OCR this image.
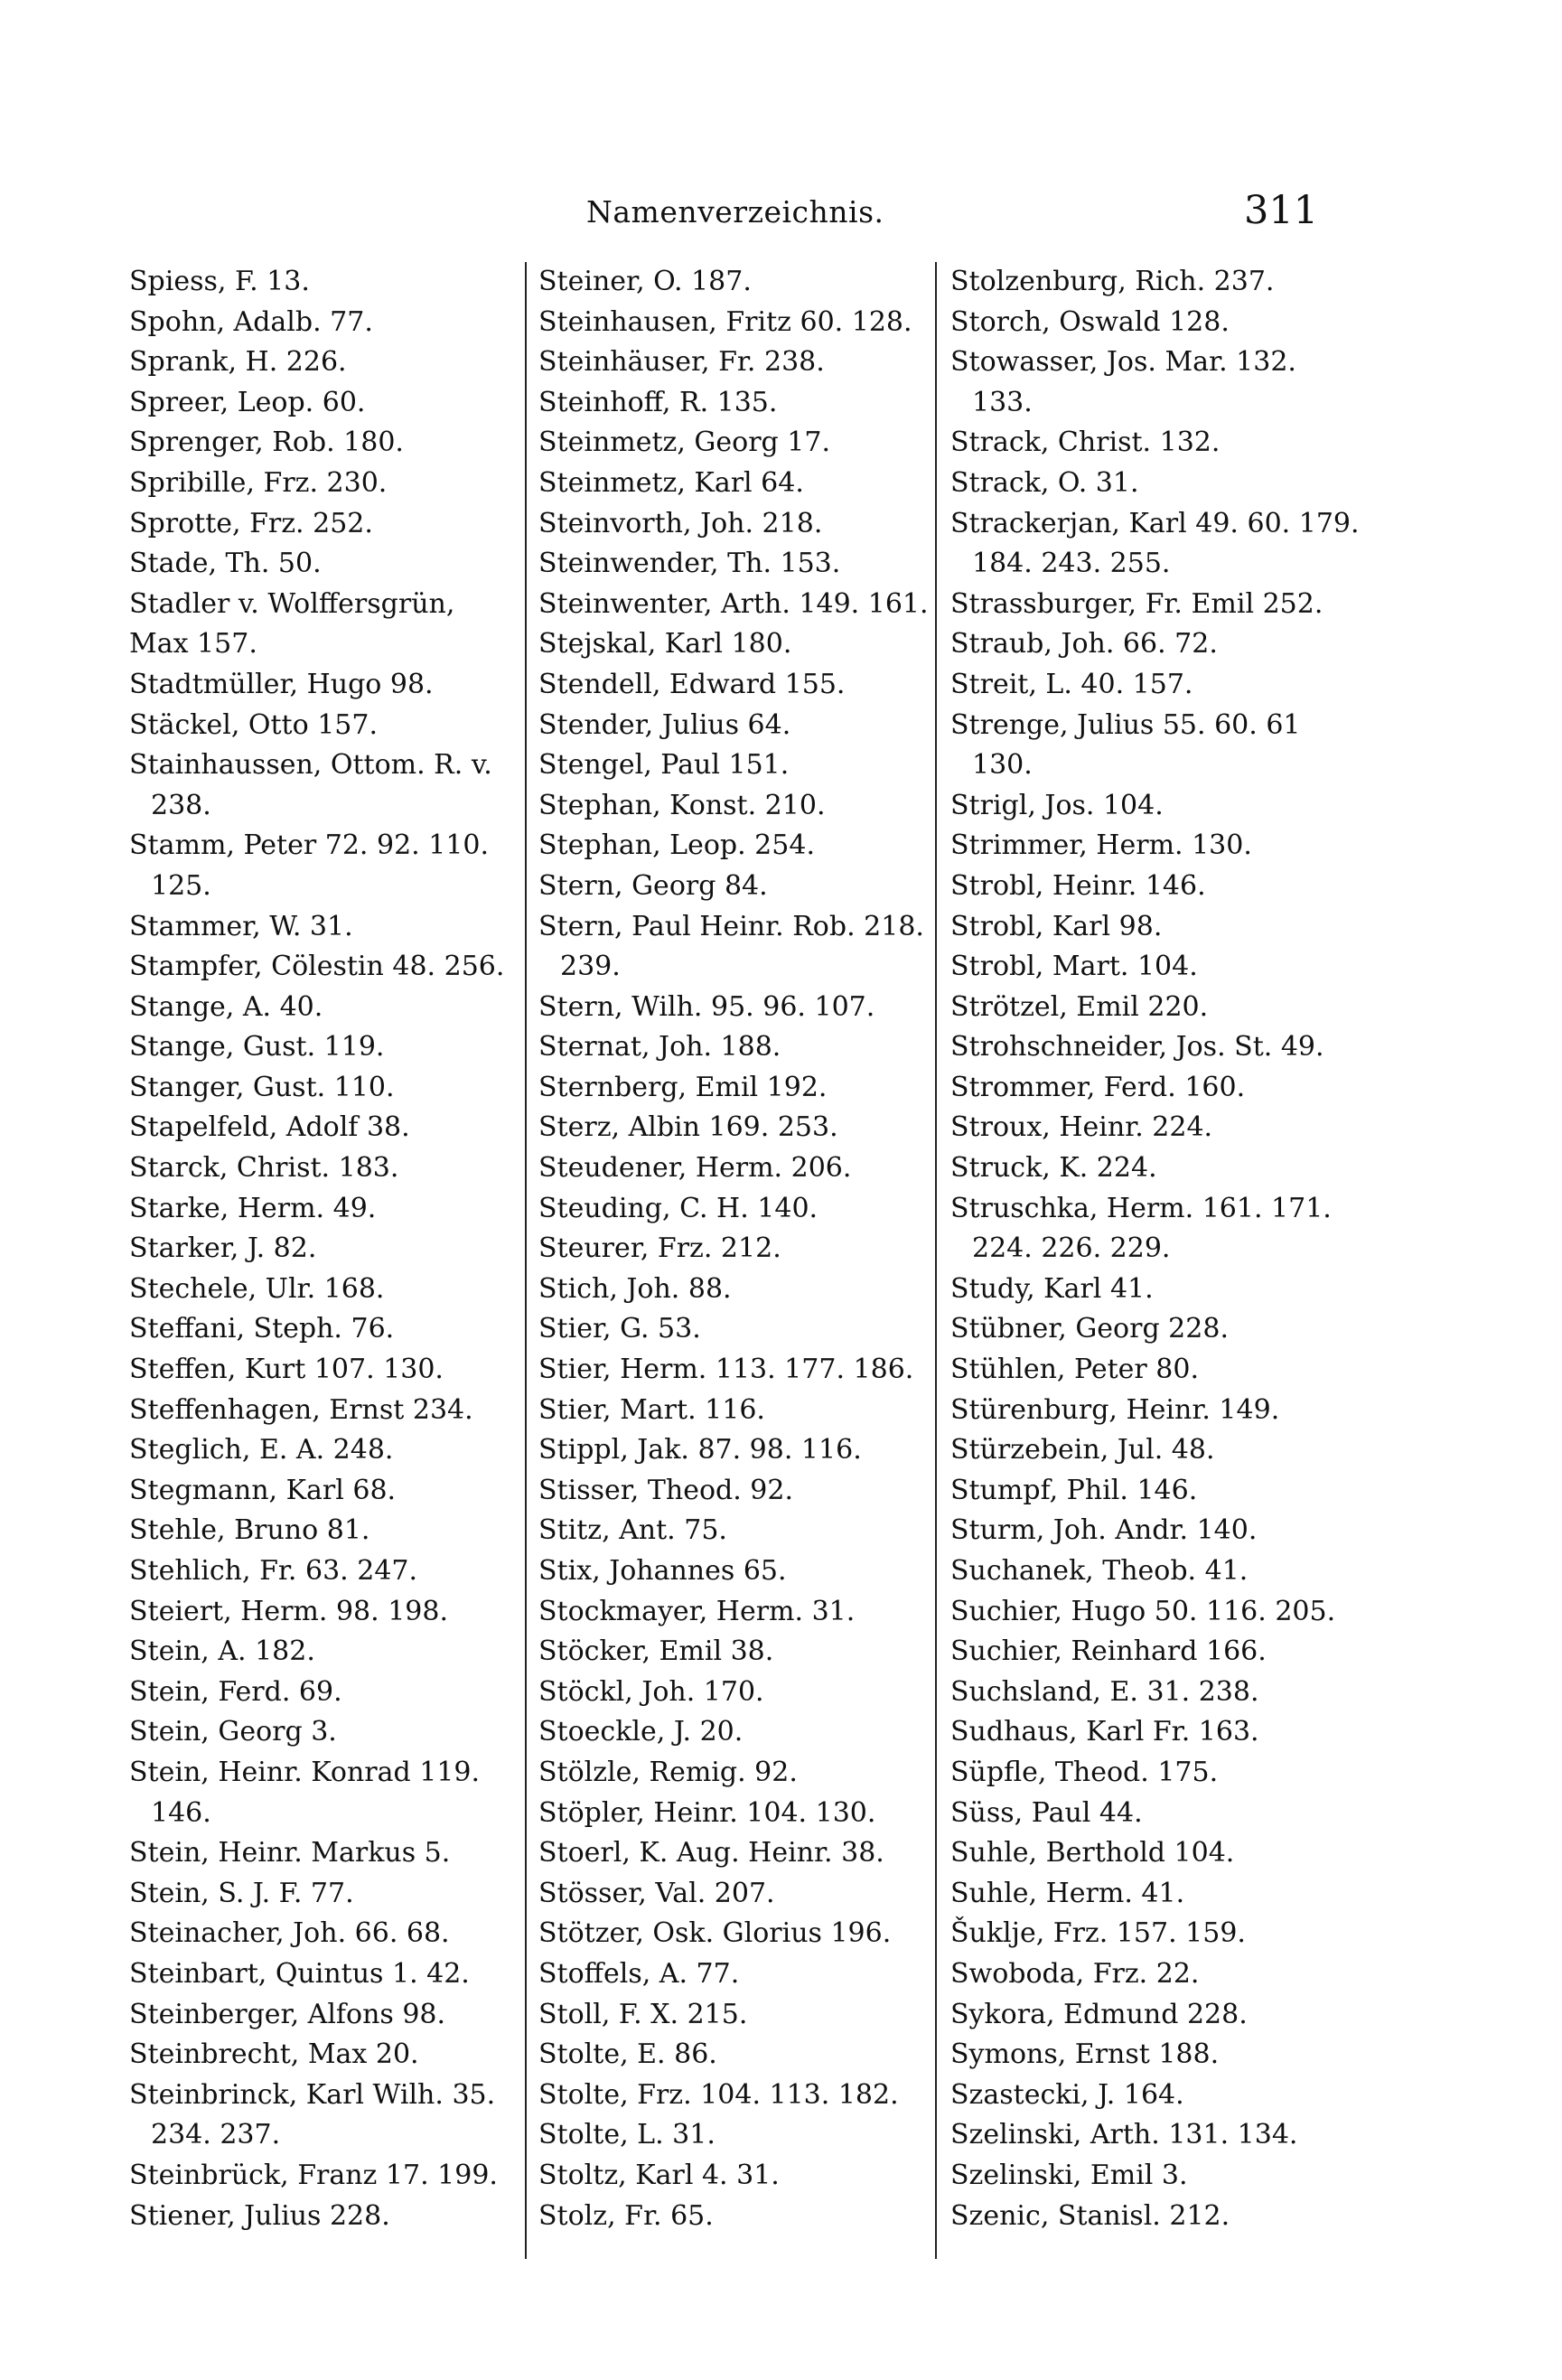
Namenverzeichnis.	311
Spiess, F. 13.
Spohn, Adalb. 77.
Sprank, H. 226.
Spreer, Leop. 60.
Sprenger, Rob. 180.
Spribille, Frz. 230.
Sprotte, Frz. 252.
Stade, Th. 50.
Stadler v. Wolffersgrün,
Max 157.
Stadtmüller, Hugo 98.
Stäckel, Otto 157.
Stainhaussen, Ottom. R. v.
238.
Stamm, Peter 72. 92. 110.
125.
Stammer, W. 31.
Stampfer, Cölestin 48. 256.
Stange, A. 40.
Stange, Gust. 119.
Stanger, Gust. 110.
Stapelfeld, Adolf 38.
Starck, Christ. 183.
Starke, Herm. 49.
Starker, J. 82.
Stechele, Ulr. 168.
Steffani, Steph. 76.
Steffen, Kurt 107. 130.
Steffenhagen, Ernst 234.
Steglich, E. A. 248.
Stegmann, Karl 68.
Stehle, Bruno 81.
Stehlich, Fr. 63. 247.
Steiert, Herm. 98. 198.
Stein, A. 182.
Stein, Ferd. 69.
Stein, Georg 3.
Stein, Heinr. Konrad 119.
146.
Stein, Heinr. Markus 5.
Stein, S. J. F. 77.
Steinacher, Joh. 66. 68.
Steinbart, Quintus 1. 42.
Steinberger, Alfons 98.
Steinbrecht, Max 20.
Steinbrinck, Karl Wilh. 35.
234. 237.
Steinbrück, Franz 17. 199.
Stiener, Julius 228.
Steiner, O. 187.
Steinhausen, Fritz 60. 128.
Steinhäuser, Fr. 238.
Steinhoff, R. 135.
Steinmetz, Georg 17.
Steinmetz, Karl 64.
Steinvorth, Joh. 218.
Steinwender, Th. 153.
Steinwenter, Arth. 149. 161.
Stejskal, Karl 180.
Stendell, Edward 155.
Stender, Julius 64.
Stengel, Paul 151.
Stephan, Konst. 210.
Stephan, Leop. 254.
Stern, Georg 84.
Stern, Paul Heinr. Rob. 218.
239.
Stern, Wilh. 95. 96. 107.
Sternat, Joh. 188.
Sternberg, Emil 192.
Sterz, Albin 169. 253.
Steudener, Herm. 206.
Steuding, C. H. 140.
Steurer, Frz. 212.
Stich, Joh. 88.
Stier, G. 53.
Stier, Herm. 113. 177. 186.
Stier, Mart. 116.
Stippl, Jak. 87. 98. 116.
Stisser, Theod. 92.
Stitz, Ant. 75.
Stix, Johannes 65.
Stockmayer, Herm. 31.
Stöcker, Emil 38.
Stöckl, Joh. 170.
Stoeckle, J. 20.
Stölzle, Remig. 92.
Stöpler, Heinr. 104. 130.
Stoerl, K. Aug. Heinr. 38.
Stösser, Val. 207.
Stötzer, Osk. Glorius 196.
Stoffels, A. 77.
Stoll, F. X. 215.
Stolte, E. 86.
Stolte, Frz. 104. 113. 182.
Stolte, L. 31.
Stoltz, Karl 4. 31.
Stolz, Fr. 65.
Stolzenburg, Rich. 237.
Storch, Oswald 128.
Stowasser, Jos. Mar. 132.
133.
Strack, Christ. 132.
Strack, O. 31.
Strackerjan, Karl 49. 60. 179.
184. 243. 255.
Strassburger, Fr. Emil 252.
Straub, Joh. 66. 72.
Streit, L. 40. 157.
Strenge, Julius 55. 60. 61
130.
Strigl, Jos. 104.
Strimmer, Herm. 130.
Strobl, Heinr. 146.
Strobl, Karl 98.
Strobl, Mart. 104.
Strötzel, Emil 220.
Strohschneider, Jos. St. 49.
Strommer, Ferd. 160.
Stroux, Heinr. 224.
Struck, K. 224.
Struschka, Herm. 161. 171.
224. 226. 229.
Study, Karl 41.
Stübner, Georg 228.
Stühlen, Peter 80.
Stürenburg, Heinr. 149.
Stürzebein, Jul. 48.
Stumpf, Phil. 146.
Sturm, Joh. Andr. 140.
Suchanek, Theob. 41.
Suchier, Hugo 50. 116. 205.
Suchier, Reinhard 166.
Suchsland, E. 31. 238.
Sudhaus, Karl Fr. 163.
Süpfle, Theod. 175.
Süss, Paul 44.
Suhle, Berthold 104.
Suhle, Herm. 41.
Šuklje, Frz. 157. 159.
Swoboda, Frz. 22.
Sykora, Edmund 228.
Symons, Ernst 188.
Szastecki, J. 164.
Szelinski, Arth. 131. 134.
Szelinski, Emil 3.
Szenic, Stanisl. 212.
